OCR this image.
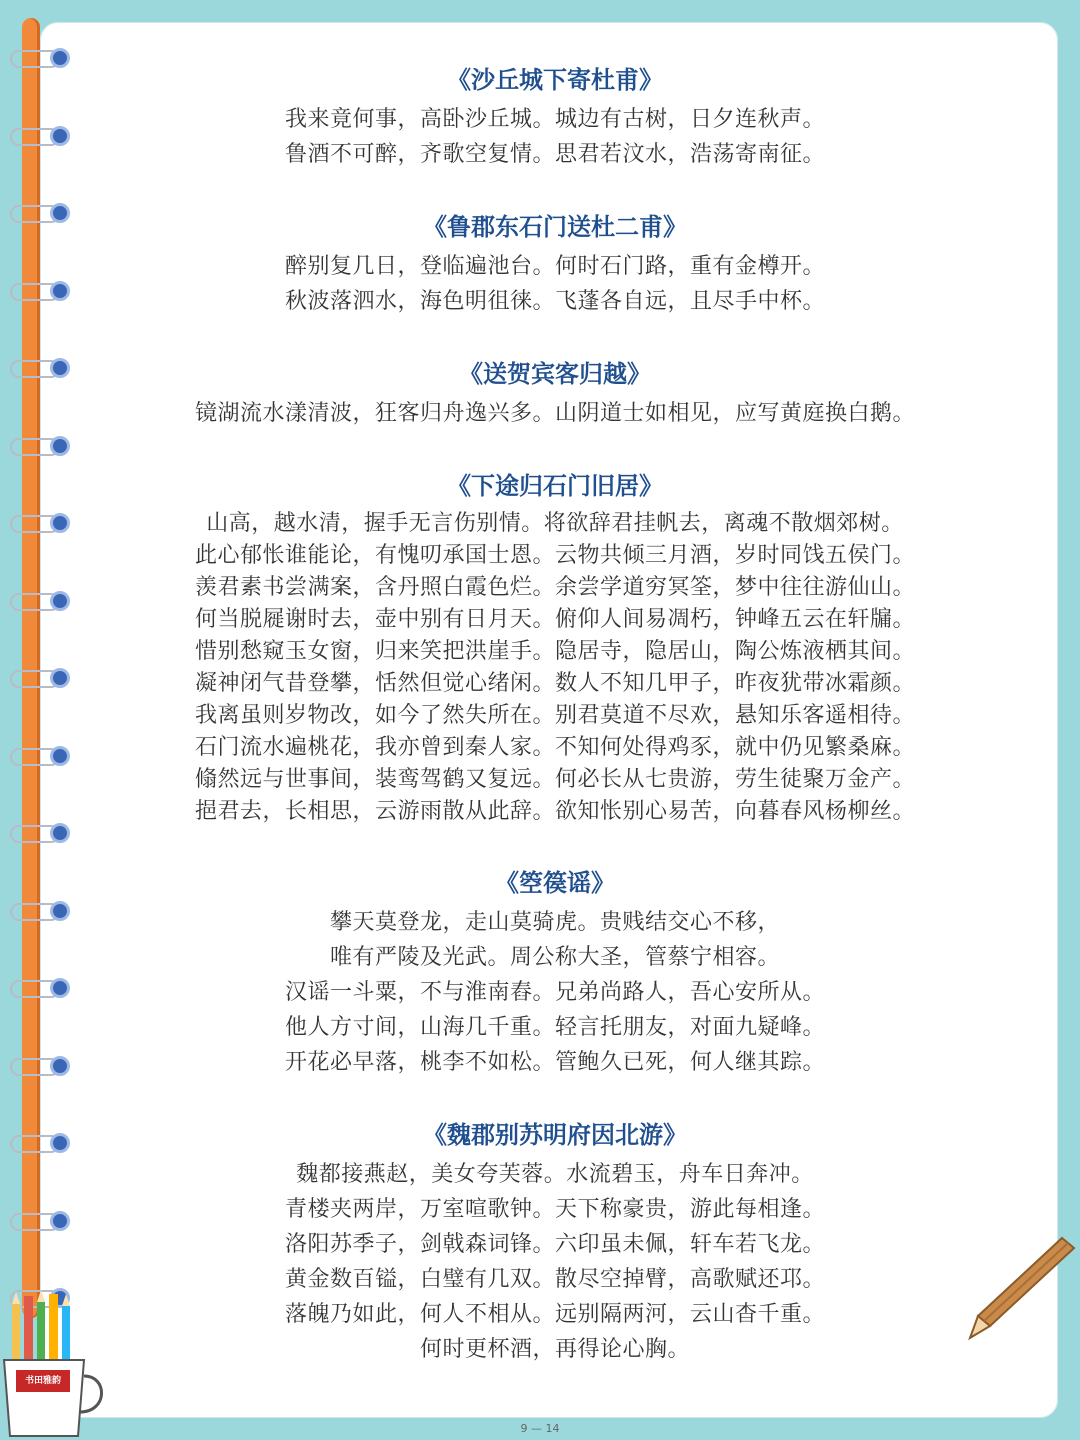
《沙丘城下寄杜甫》
我来竟何事，高卧沙丘城。城边有古树，日夕连秋声。
鲁酒不可醉，齐歌空复情。思君若汶水，浩荡寄南征。
《鲁郡东石门送杜二甫》
醉别复几日，登临遍池台。何时石门路，重有金樽开。
秋波落泗水，海色明徂徕。飞蓬各自远，且尽手中杯。
《送贺宾客归越》
镜湖流水漾清波，狂客归舟逸兴多。山阴道士如相见，应写黄庭换白鹅。
《下途归石门旧居》
山高，越水清，握手无言伤别情。将欲辞君挂帆去，离魂不散烟郊树。
此心郁怅谁能论，有愧叨承国士恩。云物共倾三月酒，岁时同饯五侯门。
羡君素书尝满案，含丹照白霞色烂。余尝学道穷冥筌，梦中往往游仙山。
何当脱屣谢时去，壶中别有日月天。俯仰人间易凋朽，钟峰五云在轩牖。
惜别愁窥玉女窗，归来笑把洪崖手。隐居寺，隐居山，陶公炼液栖其间。
凝神闭气昔登攀，恬然但觉心绪闲。数人不知几甲子，昨夜犹带冰霜颜。
我离虽则岁物改，如今了然失所在。别君莫道不尽欢，悬知乐客遥相待。
石门流水遍桃花，我亦曾到秦人家。不知何处得鸡豕，就中仍见繁桑麻。
翛然远与世事间，装鸾驾鹤又复远。何必长从七贵游，劳生徒聚万金产。
挹君去，长相思，云游雨散从此辞。欲知怅别心易苦，向暮春风杨柳丝。
《箜篌谣》
攀天莫登龙，走山莫骑虎。贵贱结交心不移，
唯有严陵及光武。周公称大圣，管蔡宁相容。
汉谣一斗粟，不与淮南舂。兄弟尚路人，吾心安所从。
他人方寸间，山海几千重。轻言托朋友，对面九疑峰。
开花必早落，桃李不如松。管鲍久已死，何人继其踪。
《魏郡别苏明府因北游》
魏都接燕赵，美女夸芙蓉。水流碧玉，舟车日奔冲。
青楼夹两岸，万室喧歌钟。天下称豪贵，游此每相逢。
洛阳苏季子，剑戟森词锋。六印虽未佩，轩车若飞龙。
黄金数百镒，白璧有几双。散尽空掉臂，高歌赋还邛。
落魄乃如此，何人不相从。远别隔两河，云山杳千重。
何时更杯酒，再得论心胸。
书田雅韵
9 — 14
